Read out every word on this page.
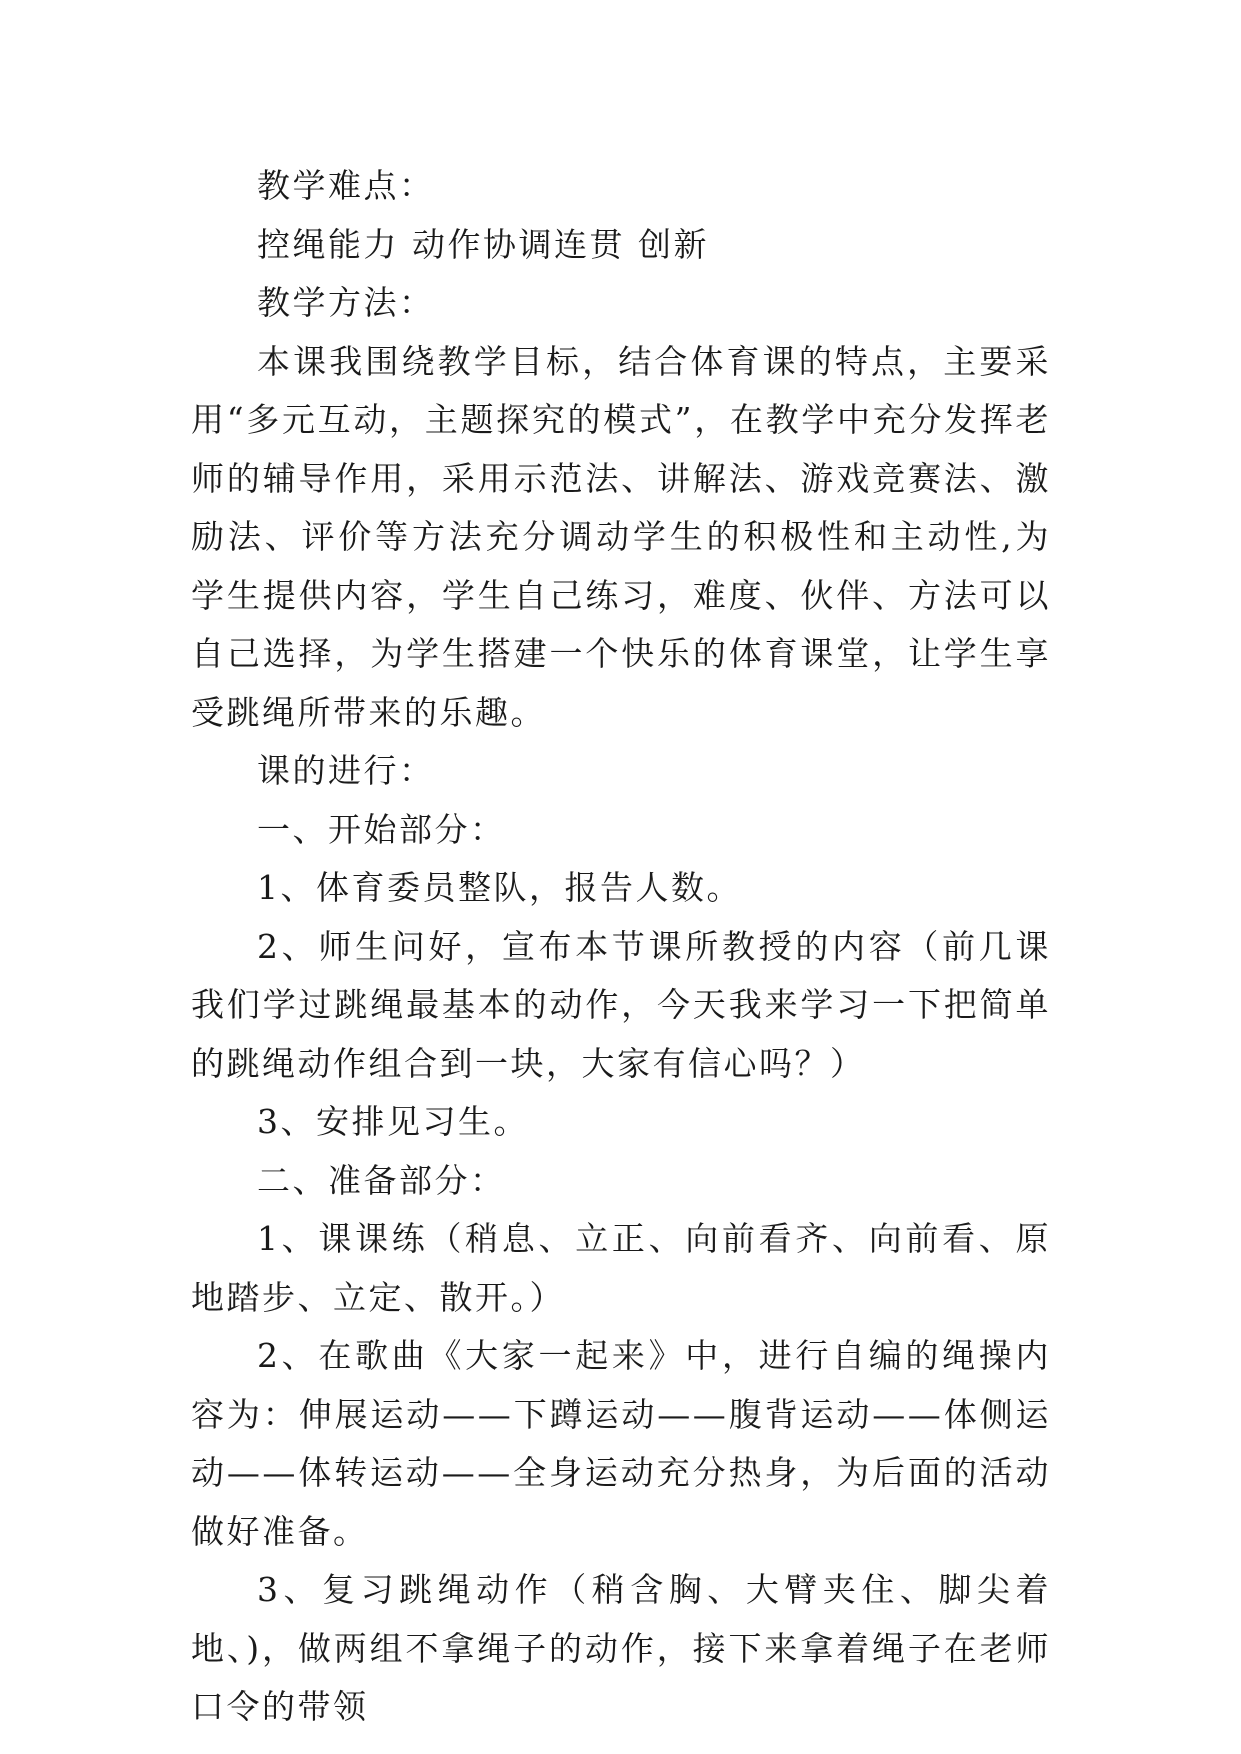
教学难点：

控绳能力 动作协调连贯 创新

教学方法：

本课我围绕教学目标，结合体育课的特点，主要采用“多元互动，主题探究的模式”，在教学中充分发挥老师的辅导作用，采用示范法、讲解法、游戏竞赛法、激励法、评价等方法充分调动学生的积极性和主动性,为学生提供内容，学生自己练习，难度、伙伴、方法可以自己选择，为学生搭建一个快乐的体育课堂，让学生享受跳绳所带来的乐趣。

课的进行：

一、开始部分：

1、体育委员整队，报告人数。

2、师生问好，宣布本节课所教授的内容（前几课我们学过跳绳最基本的动作，今天我来学习一下把简单的跳绳动作组合到一块，大家有信心吗？）

3、安排见习生。

二、准备部分：

1、课课练（稍息、立正、向前看齐、向前看、原地踏步、立定、散开。）

2、在歌曲《大家一起来》中，进行自编的绳操内容为：伸展运动——下蹲运动——腹背运动——体侧运动——体转运动——全身运动充分热身，为后面的活动做好准备。

3、复习跳绳动作（稍含胸、大臂夹住、脚尖着地、)，做两组不拿绳子的动作，接下来拿着绳子在老师口令的带领
